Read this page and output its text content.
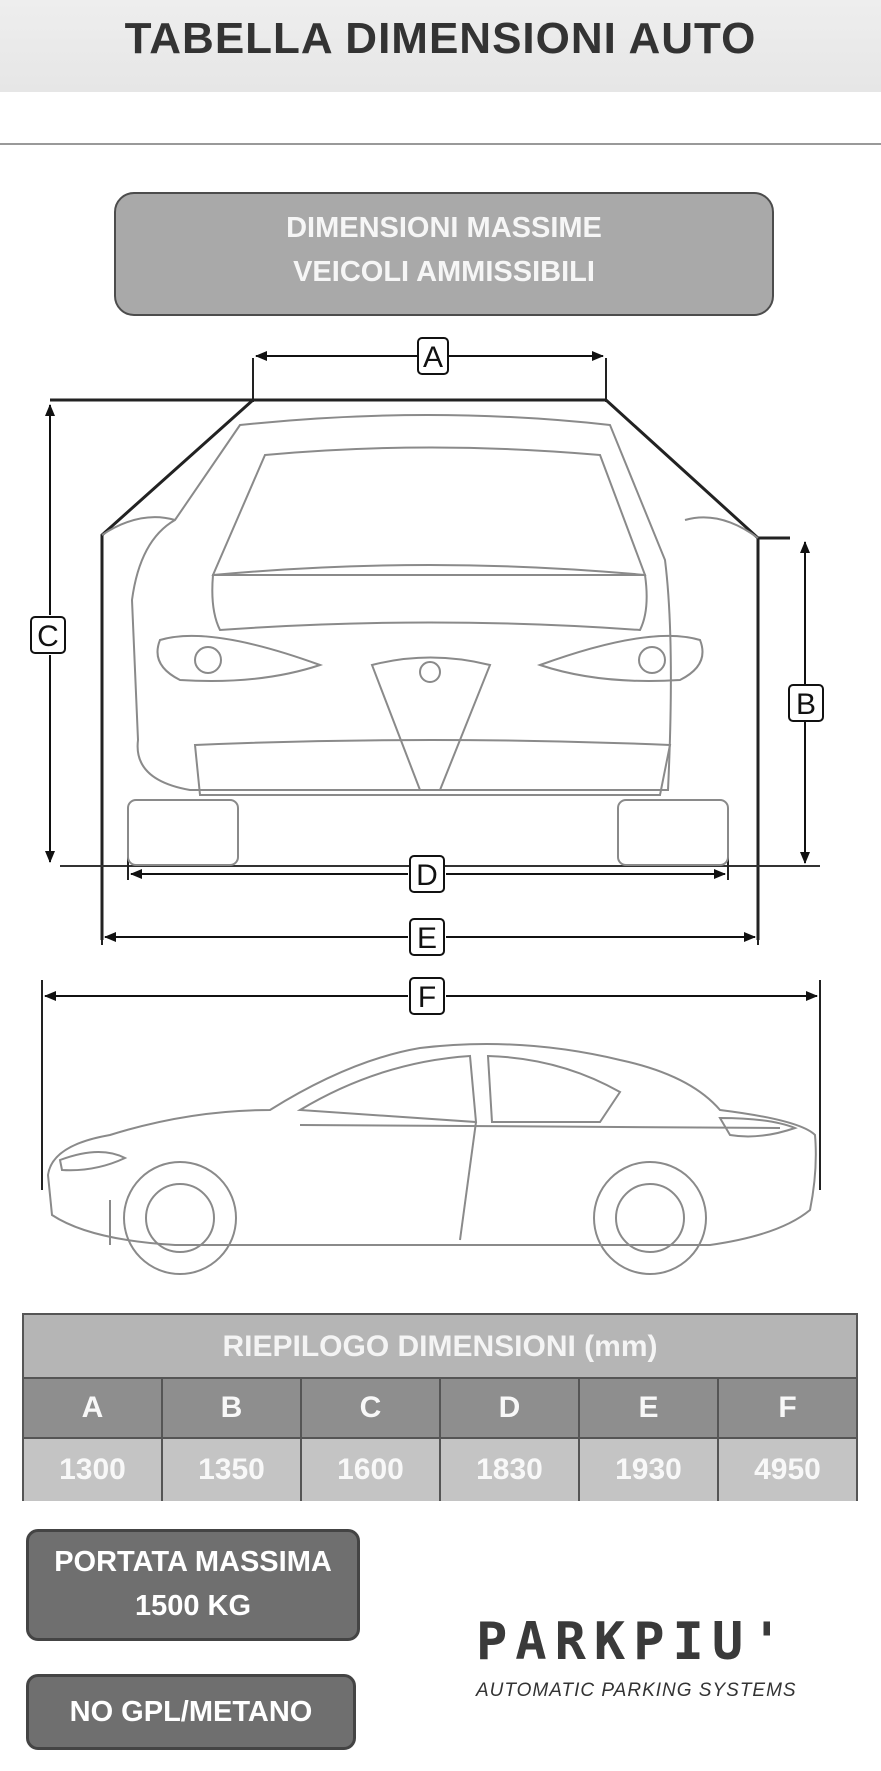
TABELLA DIMENSIONI AUTO
DIMENSIONI MASSIME
VEICOLI AMMISSIBILI
A
C
B
D
E
F
RIEPILOGO DIMENSIONI (mm)
A	B	C	D	E	F
1300	1350	1600	1830	1930	4950
PORTATA MASSIMA
1500 KG
NO GPL/METANO
PARKPIU'
AUTOMATIC PARKING SYSTEMS
